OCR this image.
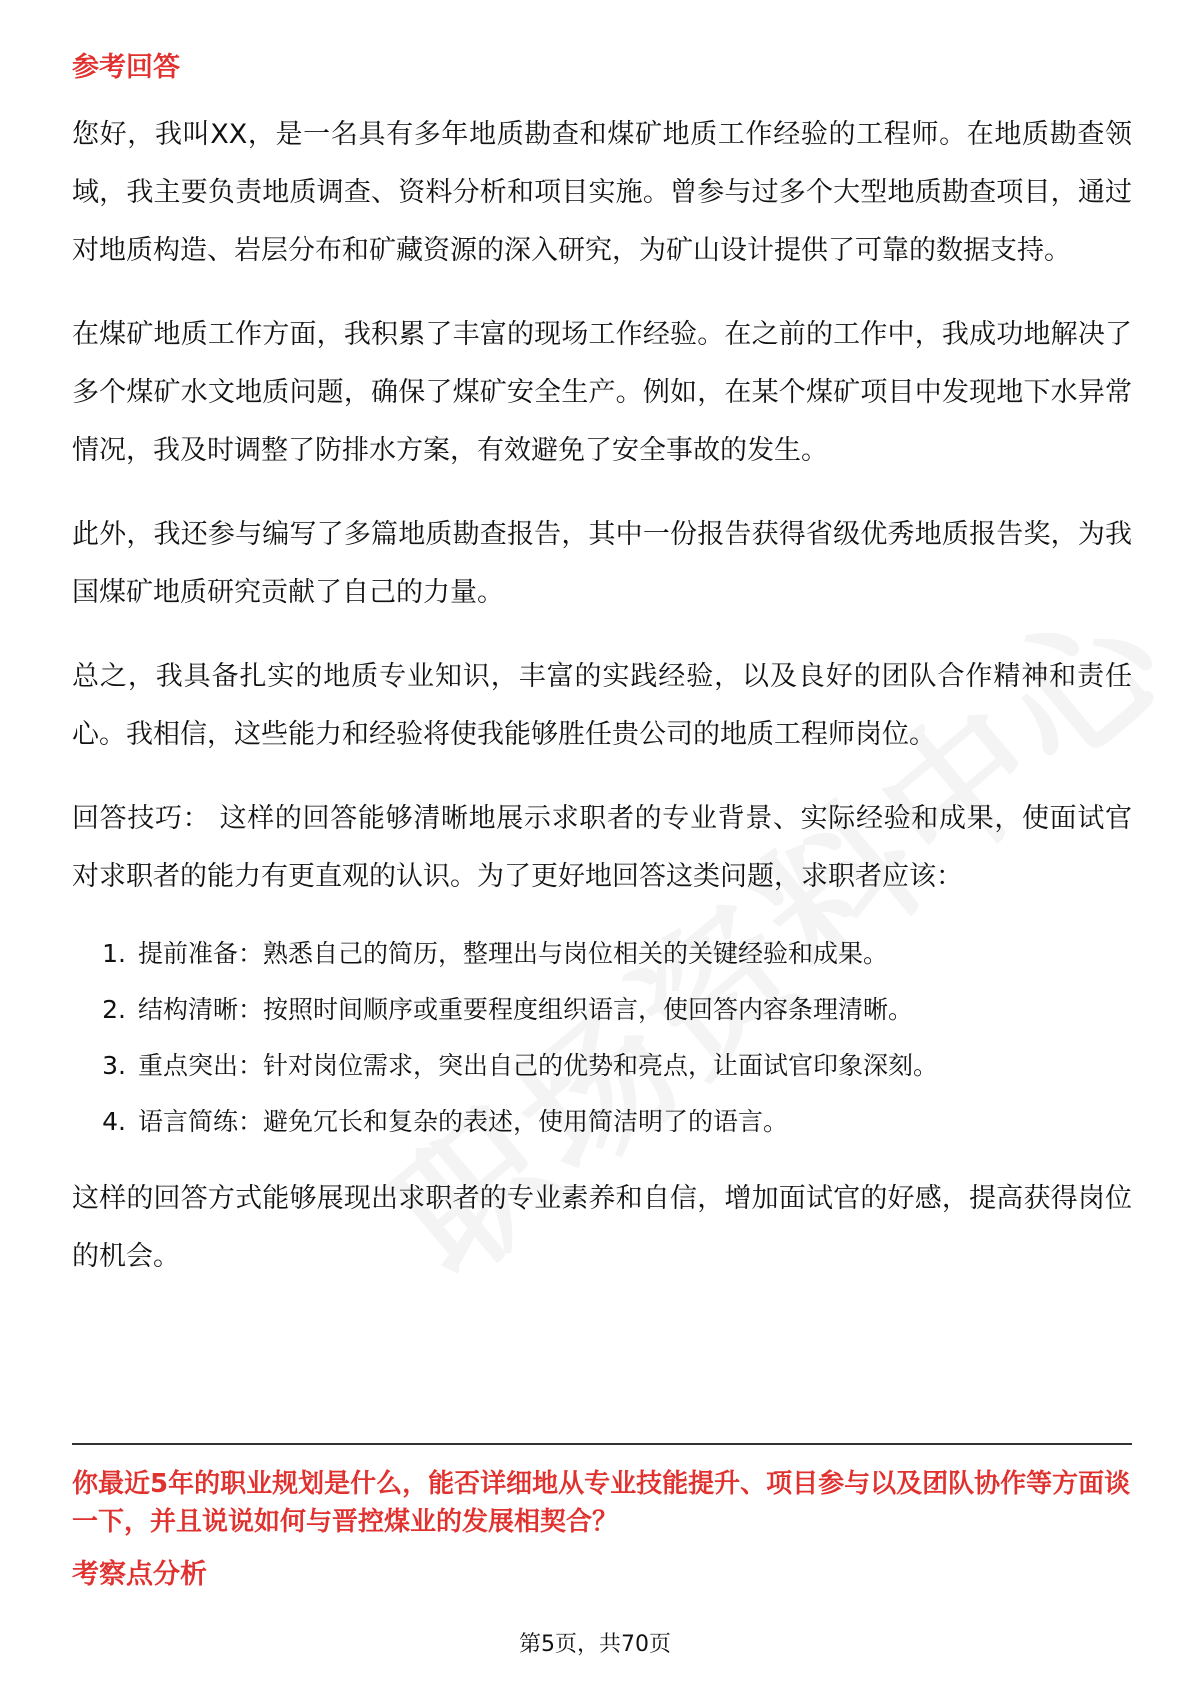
参考回答

您好，我叫XX，是一名具有多年地质勘查和煤矿地质工作经验的工程师。在地质勘查领域，我主要负责地质调查、资料分析和项目实施。曾参与过多个大型地质勘查项目，通过对地质构造、岩层分布和矿藏资源的深入研究，为矿山设计提供了可靠的数据支持。

在煤矿地质工作方面，我积累了丰富的现场工作经验。在之前的工作中，我成功地解决了多个煤矿水文地质问题，确保了煤矿安全生产。例如，在某个煤矿项目中发现地下水异常情况，我及时调整了防排水方案，有效避免了安全事故的发生。

此外，我还参与编写了多篇地质勘查报告，其中一份报告获得省级优秀地质报告奖，为我国煤矿地质研究贡献了自己的力量。

总之，我具备扎实的地质专业知识，丰富的实践经验，以及良好的团队合作精神和责任心。我相信，这些能力和经验将使我能够胜任贵公司的地质工程师岗位。

回答技巧： 这样的回答能够清晰地展示求职者的专业背景、实际经验和成果，使面试官对求职者的能力有更直观的认识。为了更好地回答这类问题，求职者应该：

1. 提前准备：熟悉自己的简历，整理出与岗位相关的关键经验和成果。
2. 结构清晰：按照时间顺序或重要程度组织语言，使回答内容条理清晰。
3. 重点突出：针对岗位需求，突出自己的优势和亮点，让面试官印象深刻。
4. 语言简练：避免冗长和复杂的表述，使用简洁明了的语言。

这样的回答方式能够展现出求职者的专业素养和自信，增加面试官的好感，提高获得岗位的机会。

你最近5年的职业规划是什么，能否详细地从专业技能提升、项目参与以及团队协作等方面谈一下，并且说说如何与晋控煤业的发展相契合？
考察点分析
第5页，共70页
